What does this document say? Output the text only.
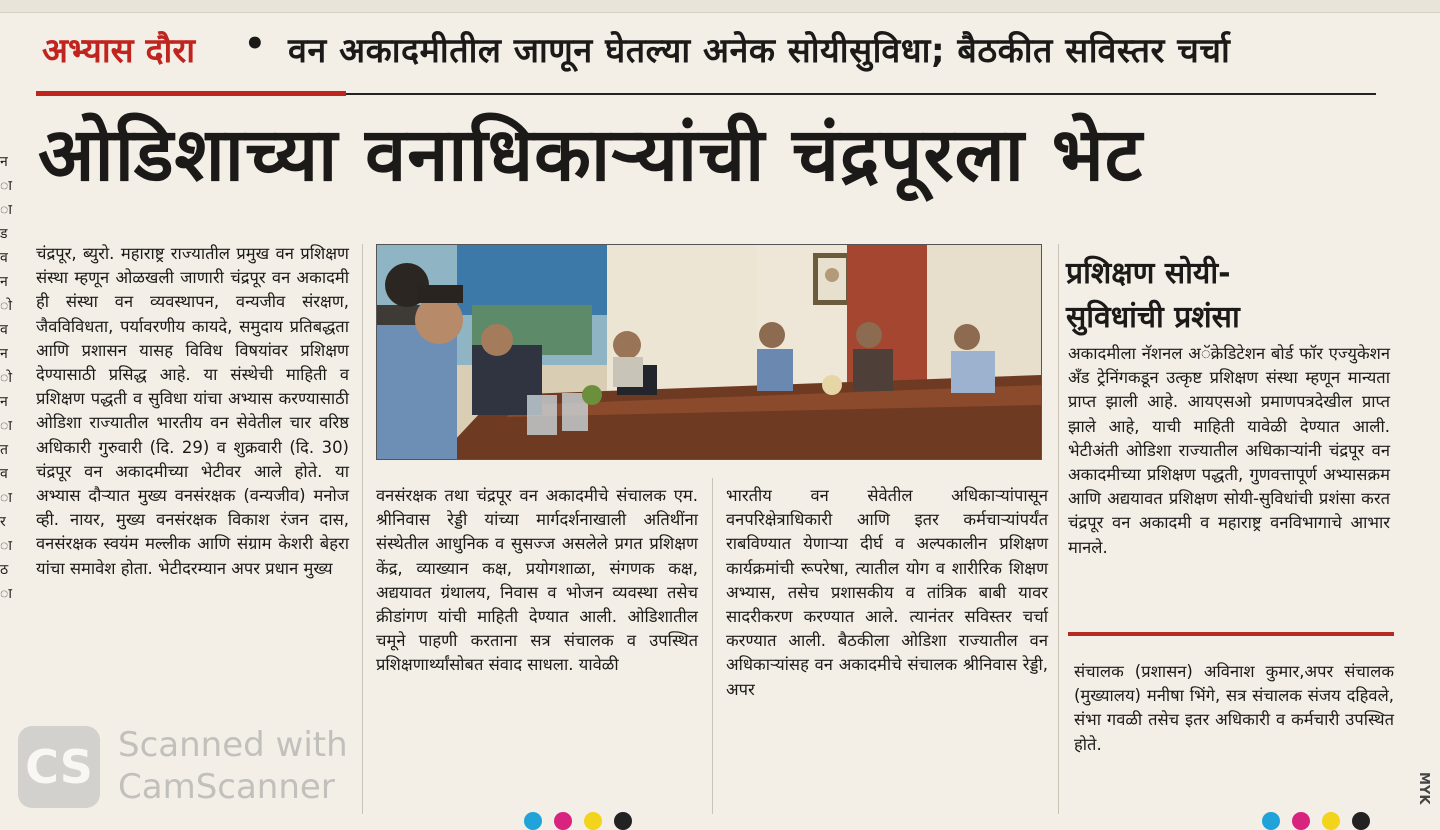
न
ा
ा
ड
व
न
ो
व
न
ो
न
ा
त
व
ा
र
ा
ठ
ा
अभ्यास दौरा • वन अकादमीतील जाणून घेतल्या अनेक सोयीसुविधा; बैठकीत सविस्तर चर्चा
ओडिशाच्या वनाधिकाऱ्यांची चंद्रपूरला भेट

चंद्रपूर, ब्युरो. महाराष्ट्र राज्यातील प्रमुख वन प्रशिक्षण संस्था म्हणून ओळखली जाणारी चंद्रपूर वन अकादमी ही संस्था वन व्यवस्थापन, वन्यजीव संरक्षण, जैवविविधता, पर्यावरणीय कायदे, समुदाय प्रतिबद्धता आणि प्रशासन यासह विविध विषयांवर प्रशिक्षण देण्यासाठी प्रसिद्ध आहे. या संस्थेची माहिती व प्रशिक्षण पद्धती व सुविधा यांचा अभ्यास करण्यासाठी ओडिशा राज्यातील भारतीय वन सेवेतील चार वरिष्ठ अधिकारी गुरुवारी (दि. 29) व शुक्रवारी (दि. 30) चंद्रपूर वन अकादमीच्या भेटीवर आले होते. या अभ्यास दौऱ्यात मुख्य वनसंरक्षक (वन्यजीव) मनोज व्ही. नायर, मुख्य वनसंरक्षक विकाश रंजन दास, वनसंरक्षक स्वयंम मल्लीक आणि संग्राम केशरी बेहरा यांचा समावेश होता. भेटीदरम्यान अपर प्रधान मुख्य

वनसंरक्षक तथा चंद्रपूर वन अकादमीचे संचालक एम. श्रीनिवास रेड्डी यांच्या मार्गदर्शनाखाली अतिथींना संस्थेतील आधुनिक व सुसज्ज असलेले प्रगत प्रशिक्षण केंद्र, व्याख्यान कक्ष, प्रयोगशाळा, संगणक कक्ष, अद्ययावत ग्रंथालय, निवास व भोजन व्यवस्था तसेच क्रीडांगण यांची माहिती देण्यात आली. ओडिशातील चमूने पाहणी करताना सत्र संचालक व उपस्थित प्रशिक्षणार्थ्यांसोबत संवाद साधला. यावेळी

भारतीय वन सेवेतील अधिकाऱ्यांपासून वनपरिक्षेत्राधिकारी आणि इतर कर्मचाऱ्यांपर्यंत राबविण्यात येणाऱ्या दीर्घ व अल्पकालीन प्रशिक्षण कार्यक्रमांची रूपरेषा, त्यातील योग व शारीरिक शिक्षण अभ्यास, तसेच प्रशासकीय व तांत्रिक बाबी यावर सादरीकरण करण्यात आले. त्यानंतर सविस्तर चर्चा करण्यात आली. बैठकीला ओडिशा राज्यातील वन अधिकाऱ्यांसह वन अकादमीचे संचालक श्रीनिवास रेड्डी, अपर

प्रशिक्षण सोयी-
सुविधांची प्रशंसा

अकादमीला नॅशनल अॅक्रेडिटेशन बोर्ड फॉर एज्युकेशन अँड ट्रेनिंगकडून उत्कृष्ट प्रशिक्षण संस्था म्हणून मान्यता प्राप्त झाली आहे. आयएसओ प्रमाणपत्रदेखील प्राप्त झाले आहे, याची माहिती यावेळी देण्यात आली. भेटीअंती ओडिशा राज्यातील अधिकाऱ्यांनी चंद्रपूर वन अकादमीच्या प्रशिक्षण पद्धती, गुणवत्तापूर्ण अभ्यासक्रम आणि अद्ययावत प्रशिक्षण सोयी-सुविधांची प्रशंसा करत चंद्रपूर वन अकादमी व महाराष्ट्र वनविभागाचे आभार मानले.

संचालक (प्रशासन) अविनाश कुमार,अपर संचालक (मुख्यालय) मनीषा भिंगे, सत्र संचालक संजय दहिवले, संभा गवळी तसेच इतर अधिकारी व कर्मचारी उपस्थित होते.

CS Scanned with
CamScanner	MYK
